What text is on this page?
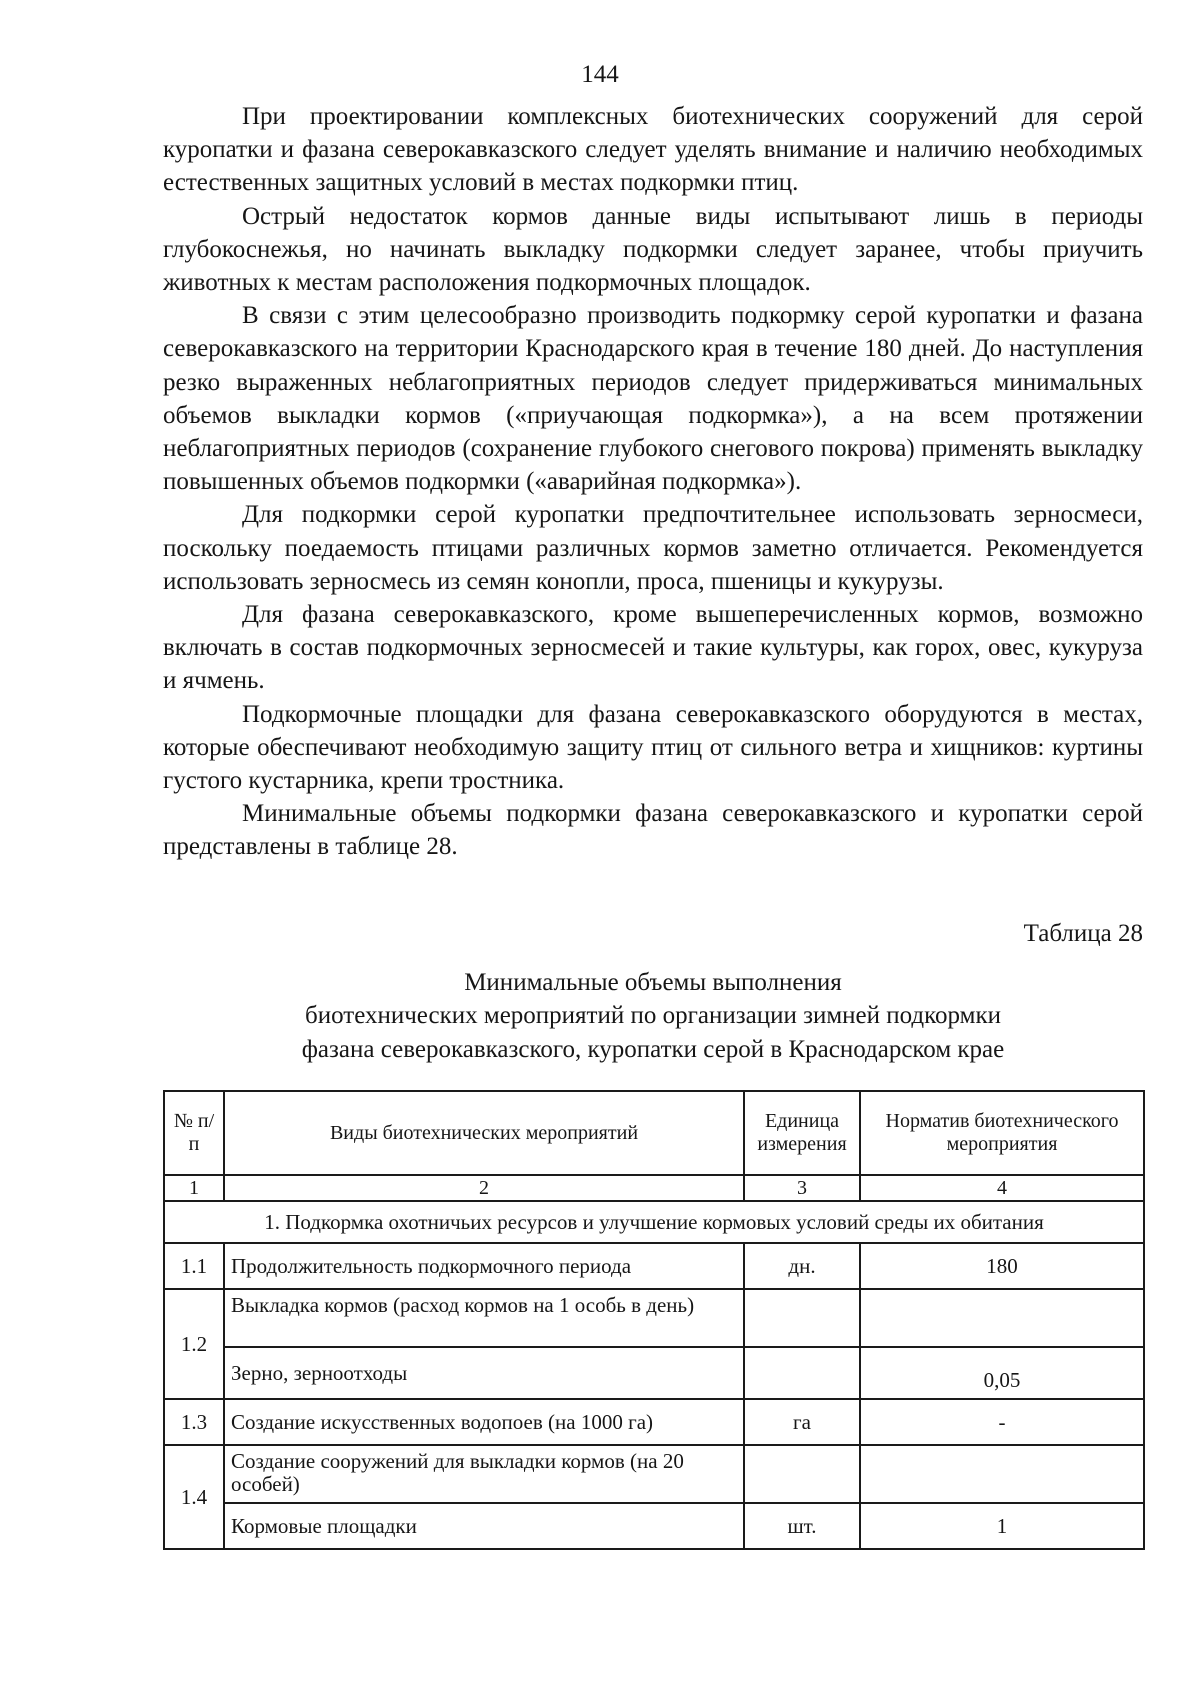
144

При проектировании комплексных биотехнических сооружений для серой куропатки и фазана северокавказского следует уделять внимание и наличию необходимых естественных защитных условий в местах подкормки птиц.

Острый недостаток кормов данные виды испытывают лишь в периоды глубокоснежья, но начинать выкладку подкормки следует заранее, чтобы приучить животных к местам расположения подкормочных площадок.

В связи с этим целесообразно производить подкормку серой куропатки и фазана северокавказского на территории Краснодарского края в течение 180 дней. До наступления резко выраженных неблагоприятных периодов следует придерживаться минимальных объемов выкладки кормов («приучающая подкормка»), а на всем протяжении неблагоприятных периодов (сохранение глубокого снегового покрова) применять выкладку повышенных объемов подкормки («аварийная подкормка»).

Для подкормки серой куропатки предпочтительнее использовать зерносмеси, поскольку поедаемость птицами различных кормов заметно отличается. Рекомендуется использовать зерносмесь из семян конопли, проса, пшеницы и кукурузы.

Для фазана северокавказского, кроме вышеперечисленных кормов, возможно включать в состав подкормочных зерносмесей и такие культуры, как горох, овес, кукуруза и ячмень.

Подкормочные площадки для фазана северокавказского оборудуются в местах, которые обеспечивают необходимую защиту птиц от сильного ветра и хищников: куртины густого кустарника, крепи тростника.

Минимальные объемы подкормки фазана северокавказского и куропатки серой представлены в таблице 28.

Таблица 28
Минимальные объемы выполнения
биотехнических мероприятий по организации зимней подкормки
фазана северокавказского, куропатки серой в Краснодарском крае
№ п/п	Виды биотехнических мероприятий	Единица измерения	Норматив биотехнического мероприятия
1	2	3	4
1. Подкормка охотничьих ресурсов и улучшение кормовых условий среды их обитания			
1.1	Продолжительность подкормочного периода	дн.	180
1.2	Выкладка кормов (расход кормов на 1 особь в день)		
	Зерно, зерноотходы		0,05
1.3	Создание искусственных водопоев (на 1000 га)	га	-
1.4	Создание сооружений для выкладки кормов (на 20 особей)		
	Кормовые площадки	шт.	1
